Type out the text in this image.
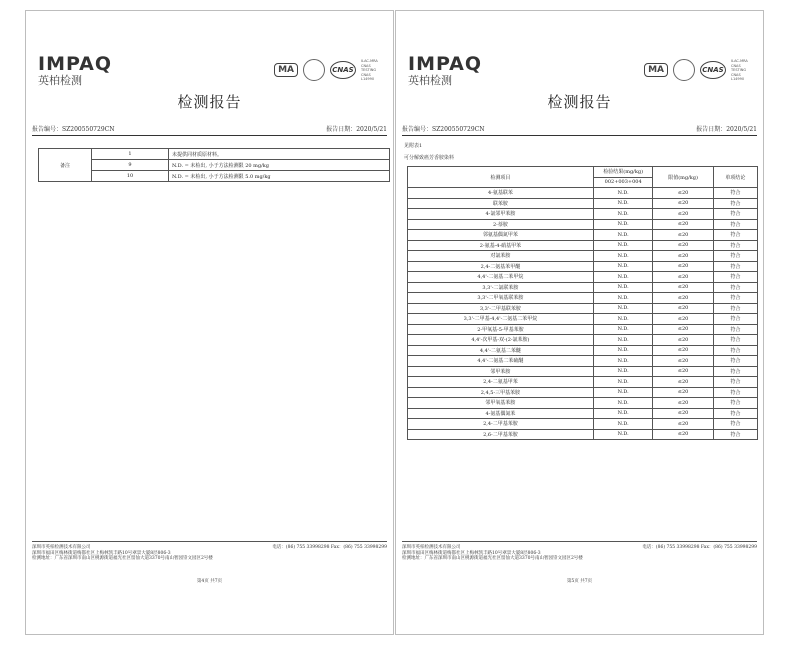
IMPAQ
英柏检测
MA	CNAS
ILAC-MRA CNAS TESTING CNAS L14990
检测报告
报告编号：SZ200550729CN	报告日期：2020/5/21
备注	1	未提供同材质原材料。
	9	N.D. = 未检出, 小于方法检测限 20 mg/kg
	10	N.D. = 未检出, 小于方法检测限 5.0 mg/kg
深圳市英柏检测技术有限公司
深圳市福田区梅林街道梅都社区上梅林凯丰路10号翠景大厦8层806-3
检测地址：广东省深圳市南山区桃源街道福光社区留仙大道3370号南山智园崇文园区2号楼
电话：(86) 755 33998298 Fax：(86) 755 33998299
第4页 共7页
IMPAQ
英柏检测
MA	CNAS
ILAC-MRA CNAS TESTING CNAS L14990
检测报告
报告编号：SZ200550729CN	报告日期：2020/5/21
见附表1
可分解致癌芳香胺染料
检测项目	检验结果(mg/kg)	限值(mg/kg)	单项结论
	002+003+004		
4-氨基联苯	N.D.	≤20	符合
联苯胺	N.D.	≤20	符合
4-氯邻甲苯胺	N.D.	≤20	符合
2-萘胺	N.D.	≤20	符合
邻氨基偶氮甲苯	N.D.	≤20	符合
2-氨基-4-硝基甲苯	N.D.	≤20	符合
对氯苯胺	N.D.	≤20	符合
2,4-二氨基苯甲醚	N.D.	≤20	符合
4,4'-二氨基二苯甲烷	N.D.	≤20	符合
3,3'-二氯联苯胺	N.D.	≤20	符合
3,3'-二甲氧基联苯胺	N.D.	≤20	符合
3,3'-二甲基联苯胺	N.D.	≤20	符合
3,3'-二甲基-4,4'-二氨基二苯甲烷	N.D.	≤20	符合
2-甲氧基-5-甲基苯胺	N.D.	≤20	符合
4,4'-次甲基-双-(2-氯苯胺)	N.D.	≤20	符合
4,4'-二氨基二苯醚	N.D.	≤20	符合
4,4'-二氨基二苯硫醚	N.D.	≤20	符合
邻甲苯胺	N.D.	≤20	符合
2,4-二氨基甲苯	N.D.	≤20	符合
2,4,5-三甲基苯胺	N.D.	≤20	符合
邻甲氧基苯胺	N.D.	≤20	符合
4-氨基偶氮苯	N.D.	≤20	符合
2,4-二甲基苯胺	N.D.	≤20	符合
2,6-二甲基苯胺	N.D.	≤20	符合
深圳市英柏检测技术有限公司
深圳市福田区梅林街道梅都社区上梅林凯丰路10号翠景大厦8层806-3
检测地址：广东省深圳市南山区桃源街道福光社区留仙大道3370号南山智园崇文园区2号楼
电话：(86) 755 33998298 Fax：(86) 755 33998299
第5页 共7页
